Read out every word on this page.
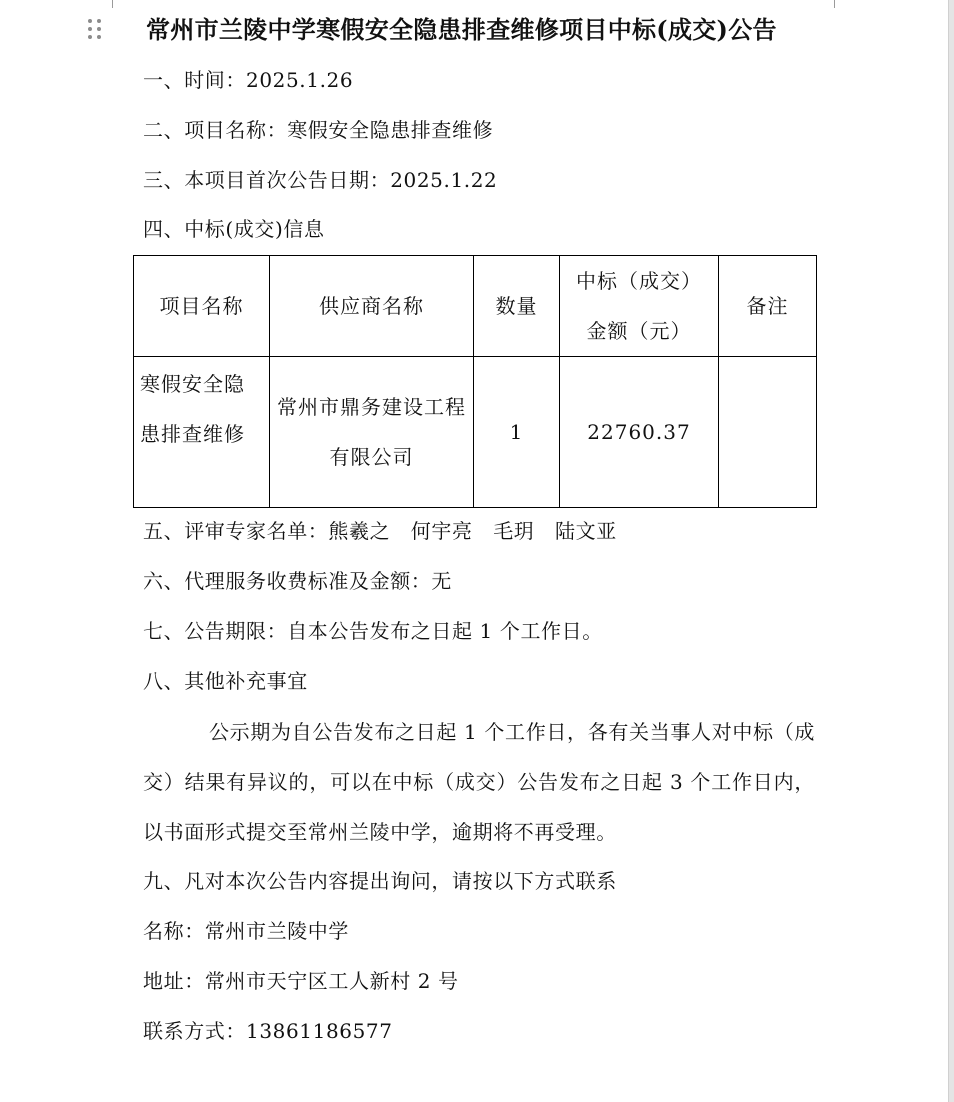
常州市兰陵中学寒假安全隐患排查维修项目中标(成交)公告
一、时间：2025.1.26
二、项目名称：寒假安全隐患排查维修
三、本项目首次公告日期：2025.1.22
四、中标(成交)信息
项目名称	供应商名称	数量	中标（成交）金额（元）	备注
寒假安全隐患排查维修	常州市鼎务建设工程有限公司	1	22760.37	
五、评审专家名单：熊羲之　何宇亮　毛玥　陆文亚
六、代理服务收费标准及金额：无
七、公告期限：自本公告发布之日起 1 个工作日。
八、其他补充事宜
公示期为自公告发布之日起 1 个工作日，各有关当事人对中标（成交）结果有异议的，可以在中标（成交）公告发布之日起 3 个工作日内，以书面形式提交至常州兰陵中学，逾期将不再受理。
九、凡对本次公告内容提出询问，请按以下方式联系
名称：常州市兰陵中学
地址：常州市天宁区工人新村 2 号
联系方式：13861186577
